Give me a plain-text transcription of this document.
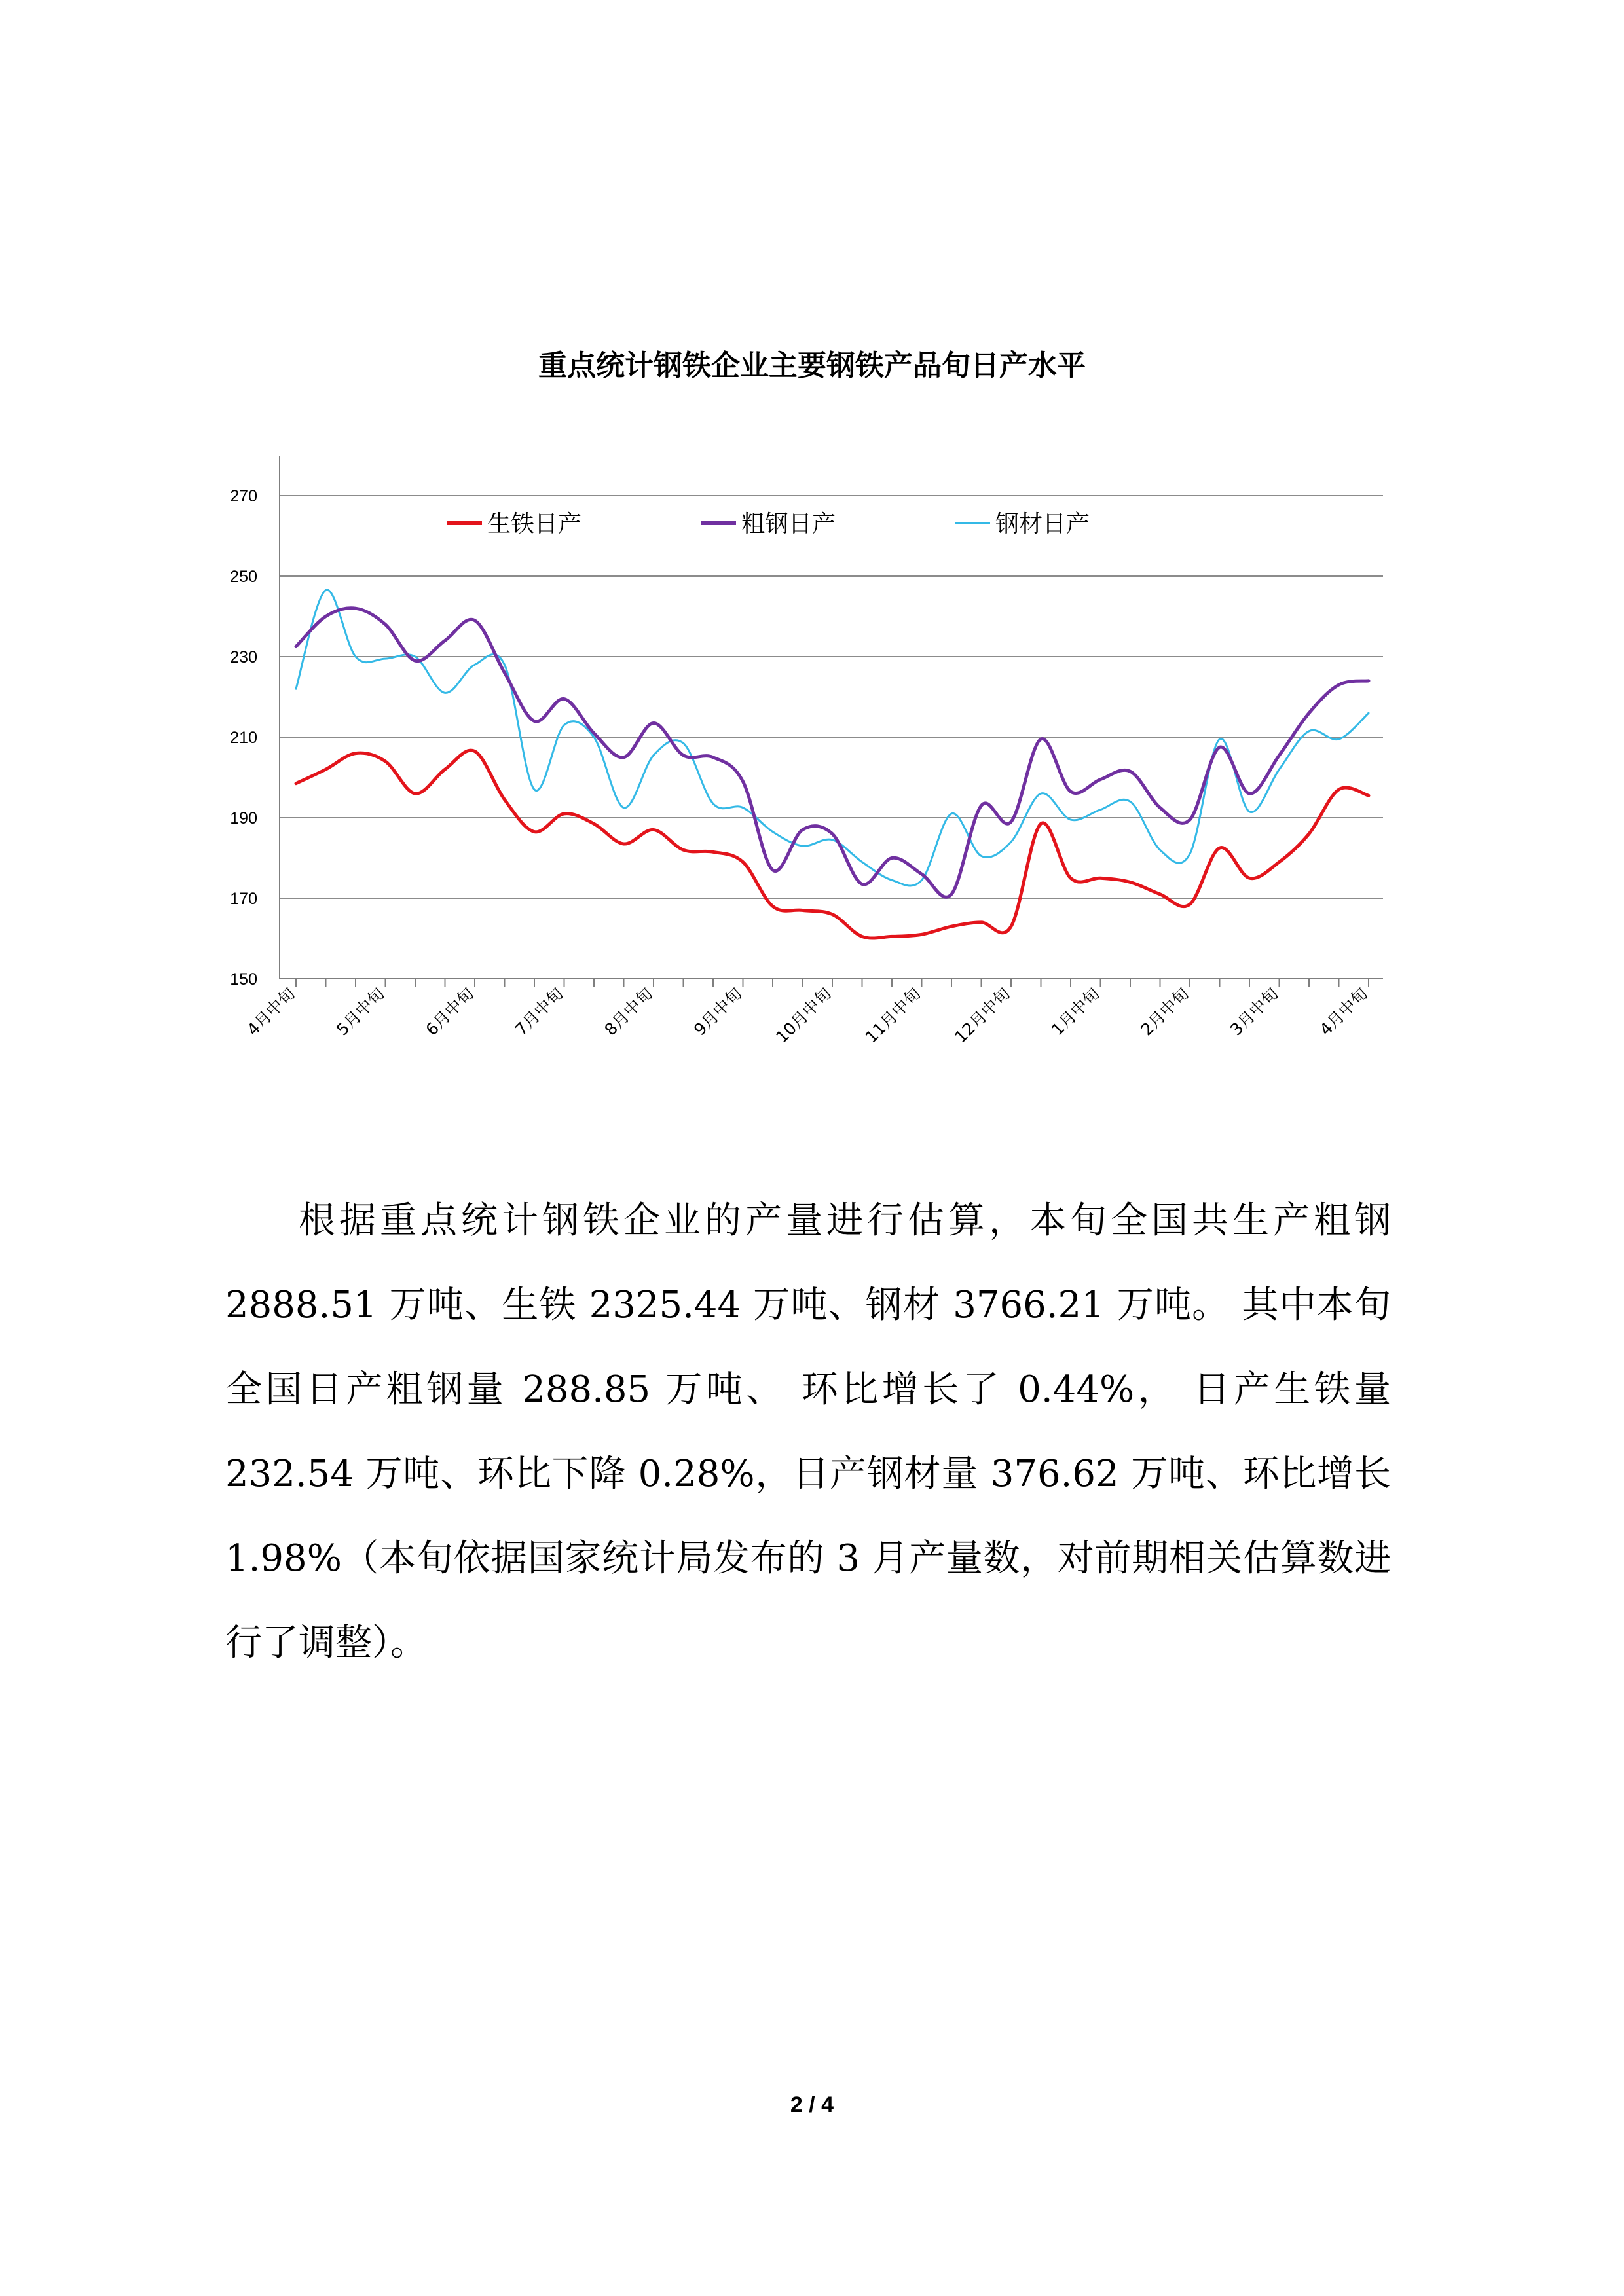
重点统计钢铁企业主要钢铁产品旬日产水平
150
170
190
210
230
250
270
4月中旬 5月中旬 6月中旬 7月中旬 8月中旬 9月中旬 10月中旬 11月中旬 12月中旬 1月中旬 2月中旬 3月中旬 4月中旬
生铁日产	粗钢日产	钢材日产

根据重点统计钢铁企业的产量进行估算，本旬全国共生产粗钢 2888.51 万吨、生铁 2325.44 万吨、钢材 3766.21 万吨。 其中本旬全国日产粗钢量 288.85 万吨、 环比增长了 0.44%， 日产生铁量 232.54 万吨、环比下降 0.28%，日产钢材量 376.62 万吨、环比增长 1.98%（本旬依据国家统计局发布的 3 月产量数，对前期相关估算数进行了调整）。

2 / 4
